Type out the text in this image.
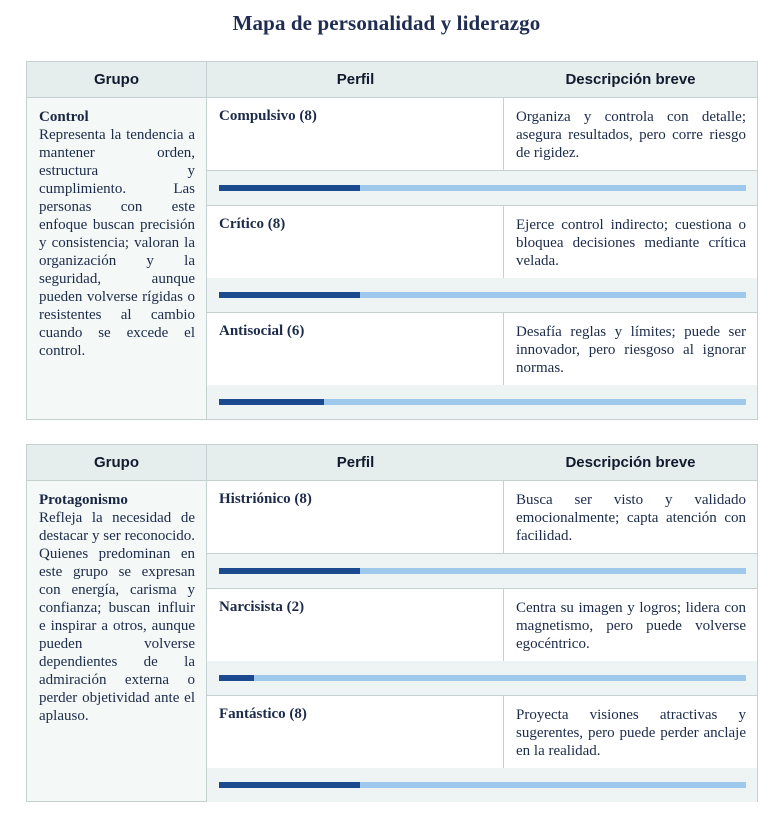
Mapa de personalidad y liderazgo
Grupo	Perfil	Descripción breve
Control
Representa la tendencia a mantener orden, estructura y cumplimiento. Las personas con este enfoque buscan precisión y consistencia; valoran la organización y la seguridad, aunque pueden volverse rígidas o resistentes al cambio cuando se excede el control.
Compulsivo (8)	Organiza y controla con detalle; asegura resultados, pero corre riesgo de rigidez.
Crítico (8)	Ejerce control indirecto; cuestiona o bloquea decisiones mediante crítica velada.
Antisocial (6)	Desafía reglas y límites; puede ser innovador, pero riesgoso al ignorar normas.
Grupo	Perfil	Descripción breve
Protagonismo
Refleja la necesidad de destacar y ser reconocido. Quienes predominan en este grupo se expresan con energía, carisma y confianza; buscan influir e inspirar a otros, aunque pueden volverse dependientes de la admiración externa o perder objetividad ante el aplauso.
Histriónico (8)	Busca ser visto y validado emocionalmente; capta atención con facilidad.
Narcisista (2)	Centra su imagen y logros; lidera con magnetismo, pero puede volverse egocéntrico.
Fantástico (8)	Proyecta visiones atractivas y sugerentes, pero puede perder anclaje en la realidad.
